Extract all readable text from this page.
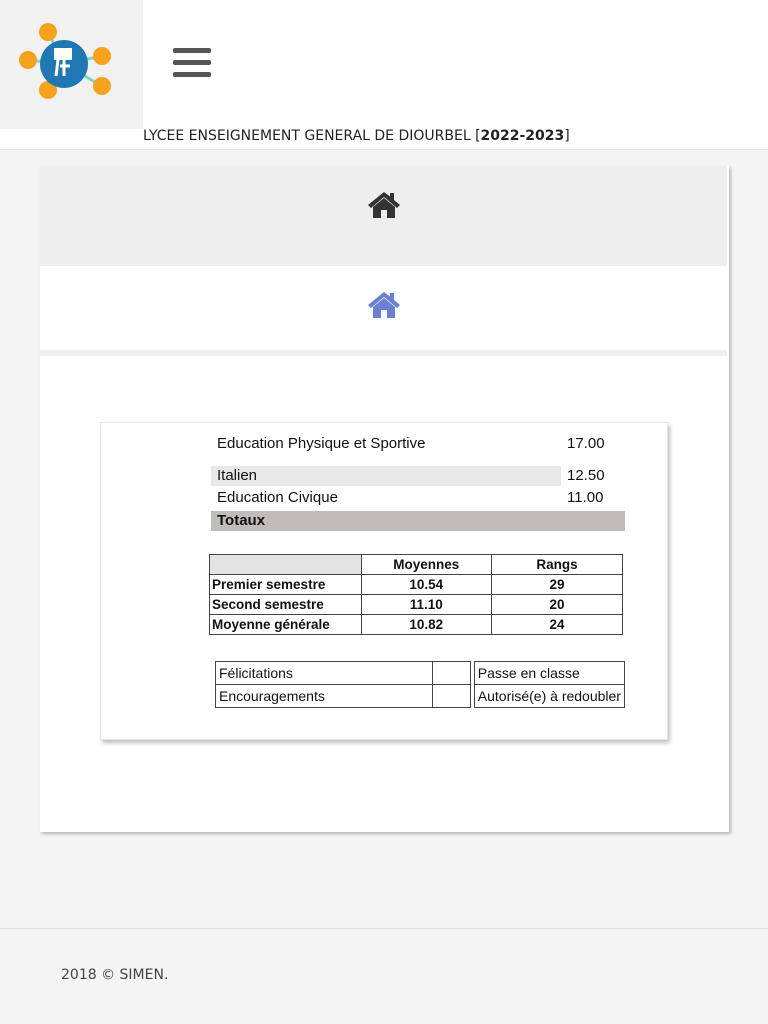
LYCEE ENSEIGNEMENT GENERAL DE DIOURBEL [2022-2023]
Education Physique et Sportive	17.00
Italien	12.50
Education Civique	11.00
Totaux
	Moyennes	Rangs
Premier semestre	10.54	29
Second semestre	11.10	20
Moyenne générale	10.82	24
Félicitations			Passe en classe
Encouragements			Autorisé(e) à redoubler
2018 © SIMEN.
